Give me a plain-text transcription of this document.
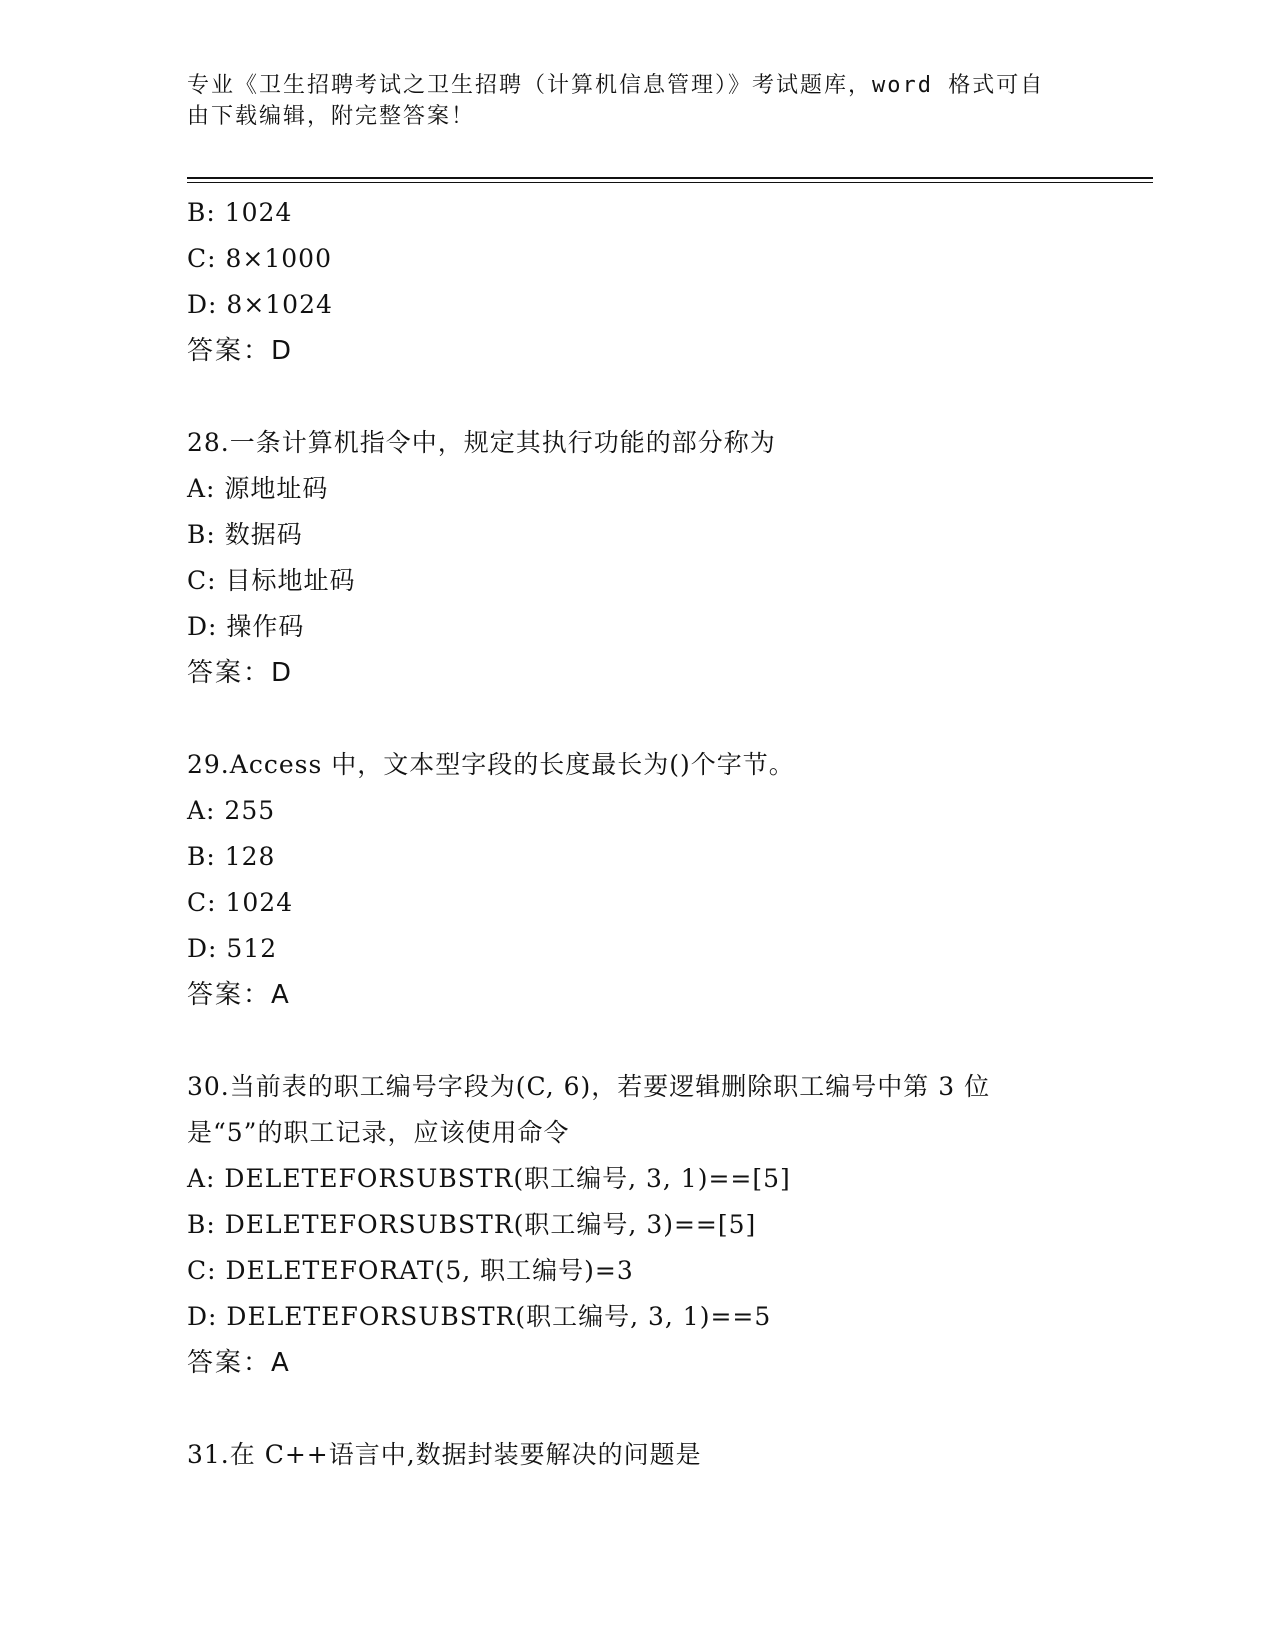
专业《卫生招聘考试之卫生招聘（计算机信息管理）》考试题库，word 格式可自
由下载编辑，附完整答案！
B: 1024
C: 8×1000
D: 8×1024
答案：D
28.一条计算机指令中，规定其执行功能的部分称为
A: 源地址码
B: 数据码
C: 目标地址码
D: 操作码
答案：D
29.Access 中，文本型字段的长度最长为()个字节。
A: 255
B: 128
C: 1024
D: 512
答案：A
30.当前表的职工编号字段为(C, 6)，若要逻辑删除职工编号中第 3 位
是“5”的职工记录，应该使用命令
A: DELETEFORSUBSTR(职工编号, 3, 1)==[5]
B: DELETEFORSUBSTR(职工编号, 3)==[5]
C: DELETEFORAT(5, 职工编号)=3
D: DELETEFORSUBSTR(职工编号, 3, 1)==5
答案：A
31.在 C++语言中,数据封装要解决的问题是
